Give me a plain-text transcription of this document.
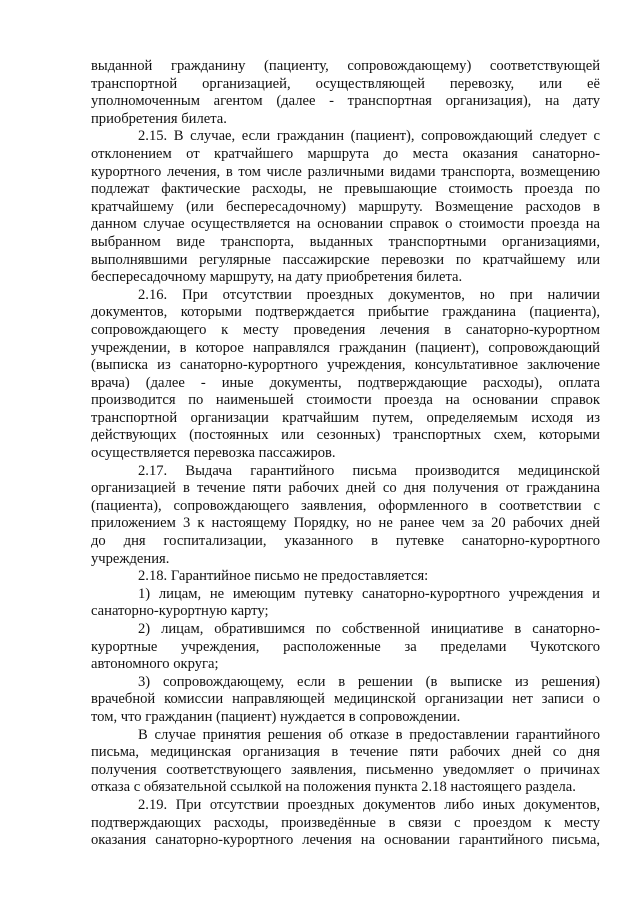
выданной гражданину (пациенту, сопровождающему) соответствующей
транспортной организацией, осуществляющей перевозку, или её
уполномоченным агентом (далее - транспортная организация), на дату
приобретения билета.
2.15. В случае, если гражданин (пациент), сопровождающий следует с
отклонением от кратчайшего маршрута до места оказания санаторно-
курортного лечения, в том числе различными видами транспорта, возмещению
подлежат фактические расходы, не превышающие стоимость проезда по
кратчайшему (или беспересадочному) маршруту. Возмещение расходов в
данном случае осуществляется на основании справок о стоимости проезда на
выбранном виде транспорта, выданных транспортными организациями,
выполнявшими регулярные пассажирские перевозки по кратчайшему или
беспересадочному маршруту, на дату приобретения билета.
2.16. При отсутствии проездных документов, но при наличии
документов, которыми подтверждается прибытие гражданина (пациента),
сопровождающего к месту проведения лечения в санаторно-курортном
учреждении, в которое направлялся гражданин (пациент), сопровождающий
(выписка из санаторно-курортного учреждения, консультативное заключение
врача) (далее - иные документы, подтверждающие расходы), оплата
производится по наименьшей стоимости проезда на основании справок
транспортной организации кратчайшим путем, определяемым исходя из
действующих (постоянных или сезонных) транспортных схем, которыми
осуществляется перевозка пассажиров.
2.17. Выдача гарантийного письма производится медицинской
организацией в течение пяти рабочих дней со дня получения от гражданина
(пациента), сопровождающего заявления, оформленного в соответствии с
приложением 3 к настоящему Порядку, но не ранее чем за 20 рабочих дней
до дня госпитализации, указанного в путевке санаторно-курортного
учреждения.
2.18. Гарантийное письмо не предоставляется:
1) лицам, не имеющим путевку санаторно-курортного учреждения и
санаторно-курортную карту;
2) лицам, обратившимся по собственной инициативе в санаторно-
курортные учреждения, расположенные за пределами Чукотского
автономного округа;
3) сопровождающему, если в решении (в выписке из решения)
врачебной комиссии направляющей медицинской организации нет записи о
том, что гражданин (пациент) нуждается в сопровождении.
В случае принятия решения об отказе в предоставлении гарантийного
письма, медицинская организация в течение пяти рабочих дней со дня
получения соответствующего заявления, письменно уведомляет о причинах
отказа с обязательной ссылкой на положения пункта 2.18 настоящего раздела.
2.19. При отсутствии проездных документов либо иных документов,
подтверждающих расходы, произведённые в связи с проездом к месту
оказания санаторно-курортного лечения на основании гарантийного письма,
